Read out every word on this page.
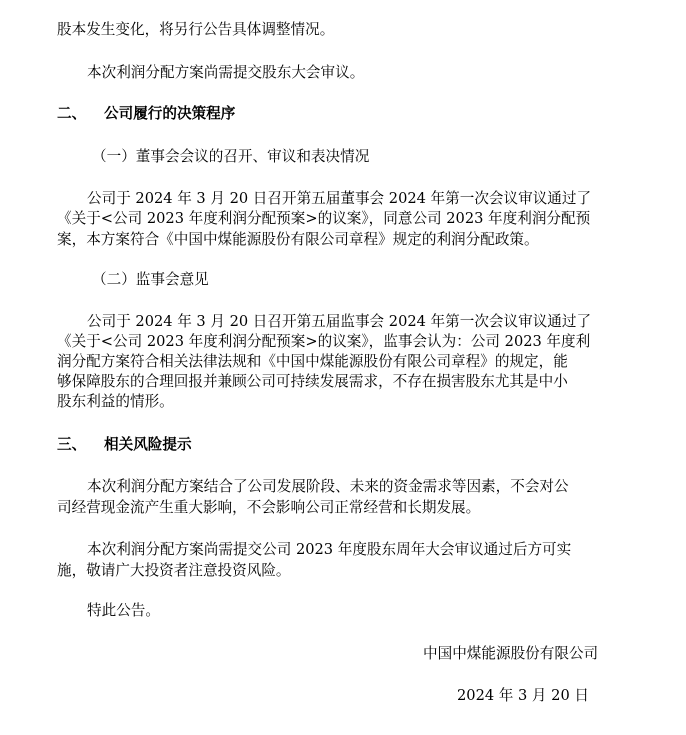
股本发生变化，将另行公告具体调整情况。
本次利润分配方案尚需提交股东大会审议。
二、 公司履行的决策程序
（一）董事会会议的召开、审议和表决情况
公司于 2024 年 3 月 20 日召开第五届董事会 2024 年第一次会议审议通过了
《关于<公司 2023 年度利润分配预案>的议案》，同意公司 2023 年度利润分配预
案，本方案符合《中国中煤能源股份有限公司章程》规定的利润分配政策。
（二）监事会意见
公司于 2024 年 3 月 20 日召开第五届监事会 2024 年第一次会议审议通过了
《关于<公司 2023 年度利润分配预案>的议案》，监事会认为：公司 2023 年度利
润分配方案符合相关法律法规和《中国中煤能源股份有限公司章程》的规定，能
够保障股东的合理回报并兼顾公司可持续发展需求，不存在损害股东尤其是中小
股东利益的情形。
三、 相关风险提示
本次利润分配方案结合了公司发展阶段、未来的资金需求等因素，不会对公
司经营现金流产生重大影响，不会影响公司正常经营和长期发展。
本次利润分配方案尚需提交公司 2023 年度股东周年大会审议通过后方可实
施，敬请广大投资者注意投资风险。
特此公告。
中国中煤能源股份有限公司
2024 年 3 月 20 日
